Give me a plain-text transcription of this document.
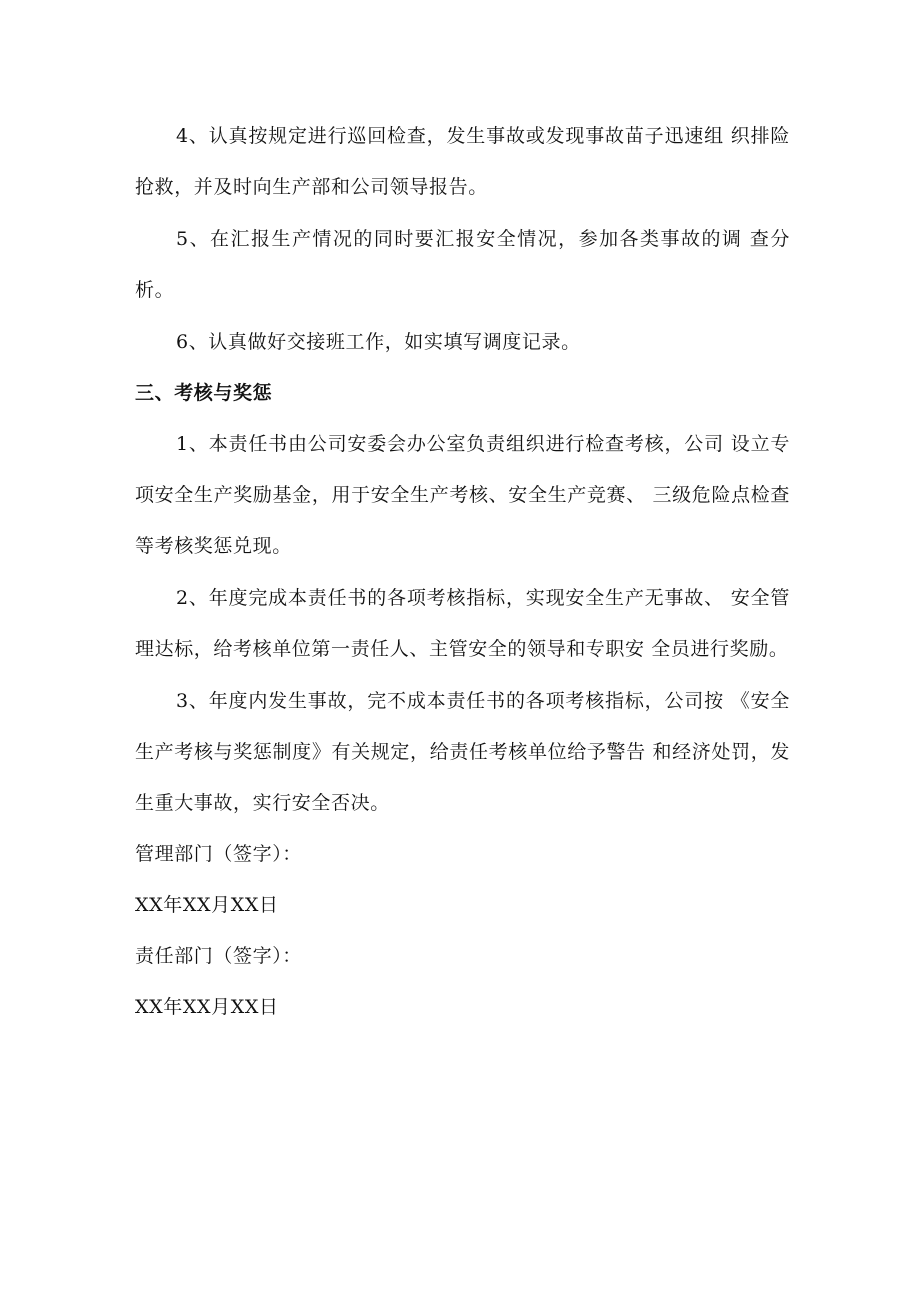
4、认真按规定进行巡回检查，发生事故或发现事故苗子迅速组 织排险抢救，并及时向生产部和公司领导报告。

5、在汇报生产情况的同时要汇报安全情况，参加各类事故的调 查分析。

6、认真做好交接班工作，如实填写调度记录。

三、考核与奖惩

1、本责任书由公司安委会办公室负责组织进行检查考核，公司 设立专项安全生产奖励基金，用于安全生产考核、安全生产竞赛、 三级危险点检查等考核奖惩兑现。

2、年度完成本责任书的各项考核指标，实现安全生产无事故、 安全管理达标，给考核单位第一责任人、主管安全的领导和专职安 全员进行奖励。

3、年度内发生事故，完不成本责任书的各项考核指标，公司按 《安全生产考核与奖惩制度》有关规定，给责任考核单位给予警告 和经济处罚，发生重大事故，实行安全否决。

管理部门（签字）：

XX年XX月XX日

责任部门（签字）：

XX年XX月XX日
